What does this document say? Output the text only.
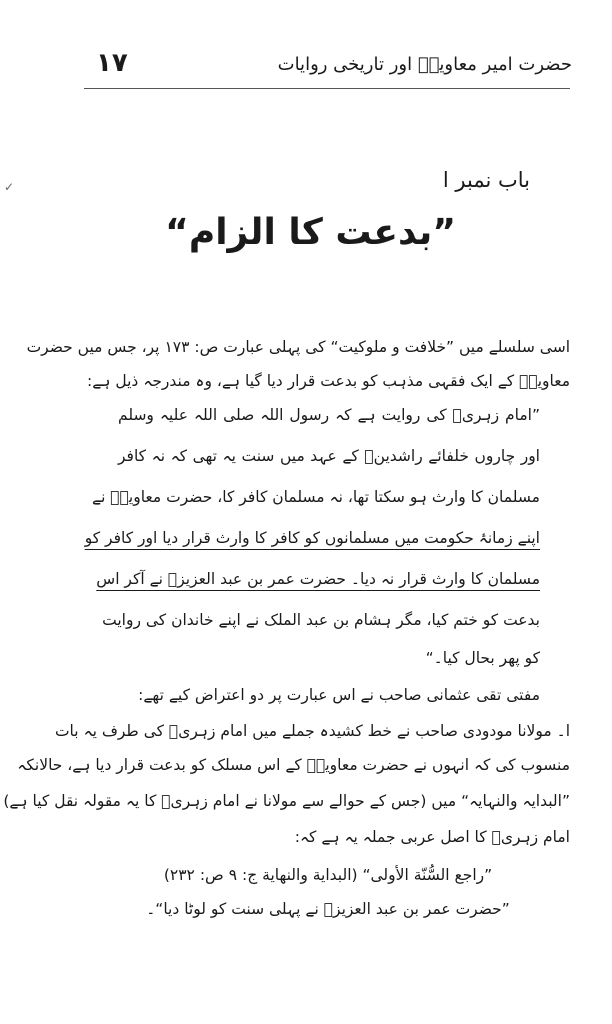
١٧	حضرت امیر معاویہؓ اور تاریخی روایات
✓	باب نمبر ا
”بدعت کا الزام“
اسی سلسلے میں ”خلافت و ملوکیت“ کی پہلی عبارت ص: ۱۷۳ پر، جس میں حضرت
معاویہؓ کے ایک فقہی مذہب کو بدعت قرار دیا گیا ہے، وہ مندرجہ ذیل ہے:
”امام زہریؒ کی روایت ہے کہ رسول اللہ صلی اللہ علیہ وسلم
اور چاروں خلفائے راشدینؓ کے عہد میں سنت یہ تھی کہ نہ کافر
مسلمان کا وارث ہو سکتا تھا، نہ مسلمان کافر کا، حضرت معاویہؓ نے
اپنے زمانۂ حکومت میں مسلمانوں کو کافر کا وارث قرار دیا اور کافر کو
مسلمان کا وارث قرار نہ دیا۔ حضرت عمر بن عبد العزیزؒ نے آکر اس
بدعت کو ختم کیا، مگر ہشام بن عبد الملک نے اپنے خاندان کی روایت
کو پھر بحال کیا۔“
مفتی تقی عثمانی صاحب نے اس عبارت پر دو اعتراض کیے تھے:
ا۔ مولانا مودودی صاحب نے خط کشیدہ جملے میں امام زہریؒ کی طرف یہ بات
منسوب کی کہ انہوں نے حضرت معاویہؓ کے اس مسلک کو بدعت قرار دیا ہے، حالانکہ
”البدایہ والنہایہ“ میں (جس کے حوالے سے مولانا نے امام زہریؒ کا یہ مقولہ نقل کیا ہے)
امام زہریؒ کا اصل عربی جملہ یہ ہے کہ:
”راجع السُّنّة الأولى“ (البداية والنهاية ج: ۹ ص: ۲۳۲)
”حضرت عمر بن عبد العزیزؒ نے پہلی سنت کو لوٹا دیا“۔
